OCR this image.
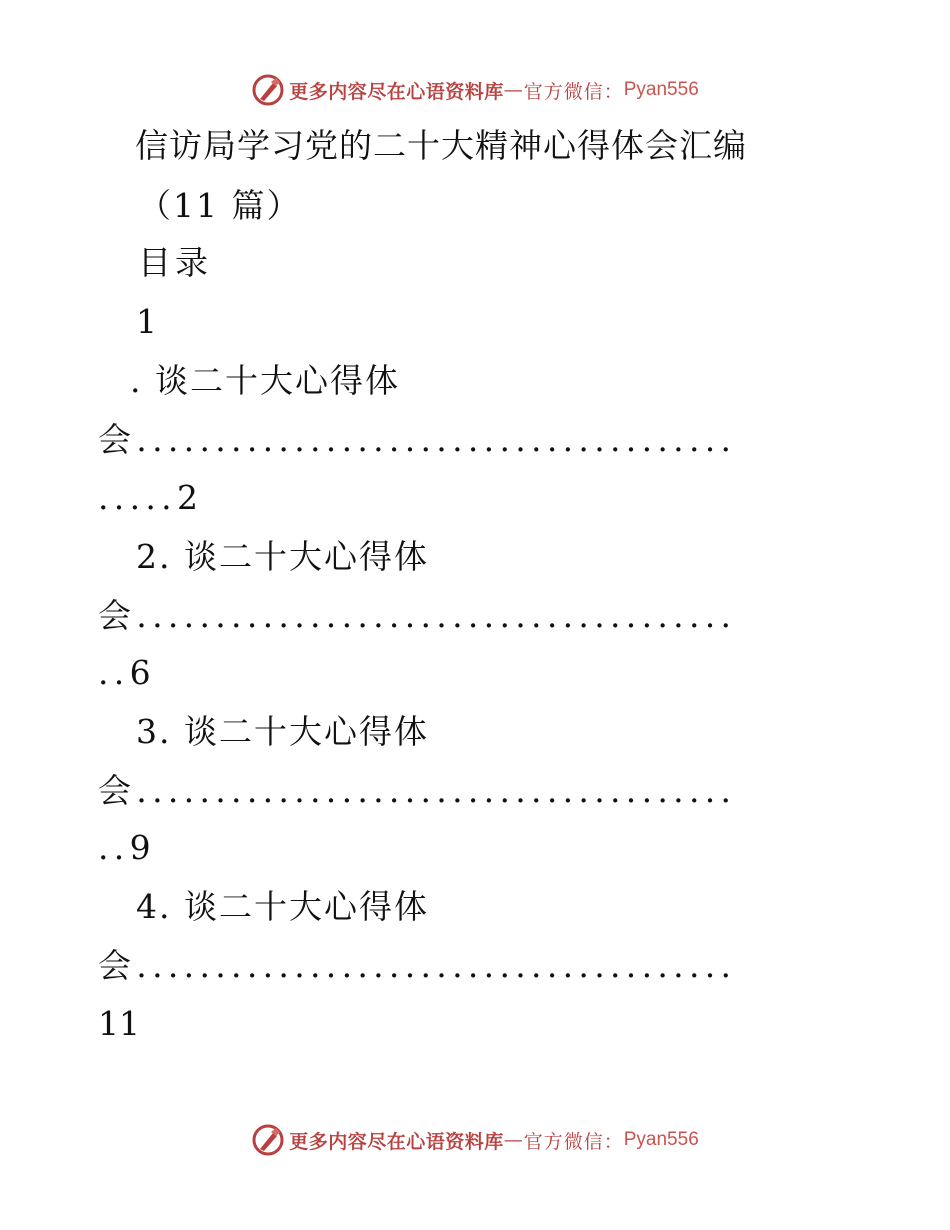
更多内容尽在心语资料库 — 官方微信： Pyan556
信访局学习党的二十大精神心得体会汇编
（11 篇）
目录
1
. 谈二十大心得体
会......................................
.....2
2. 谈二十大心得体
会......................................
..6
3. 谈二十大心得体
会......................................
..9
4. 谈二十大心得体
会......................................
11
更多内容尽在心语资料库 — 官方微信： Pyan556
